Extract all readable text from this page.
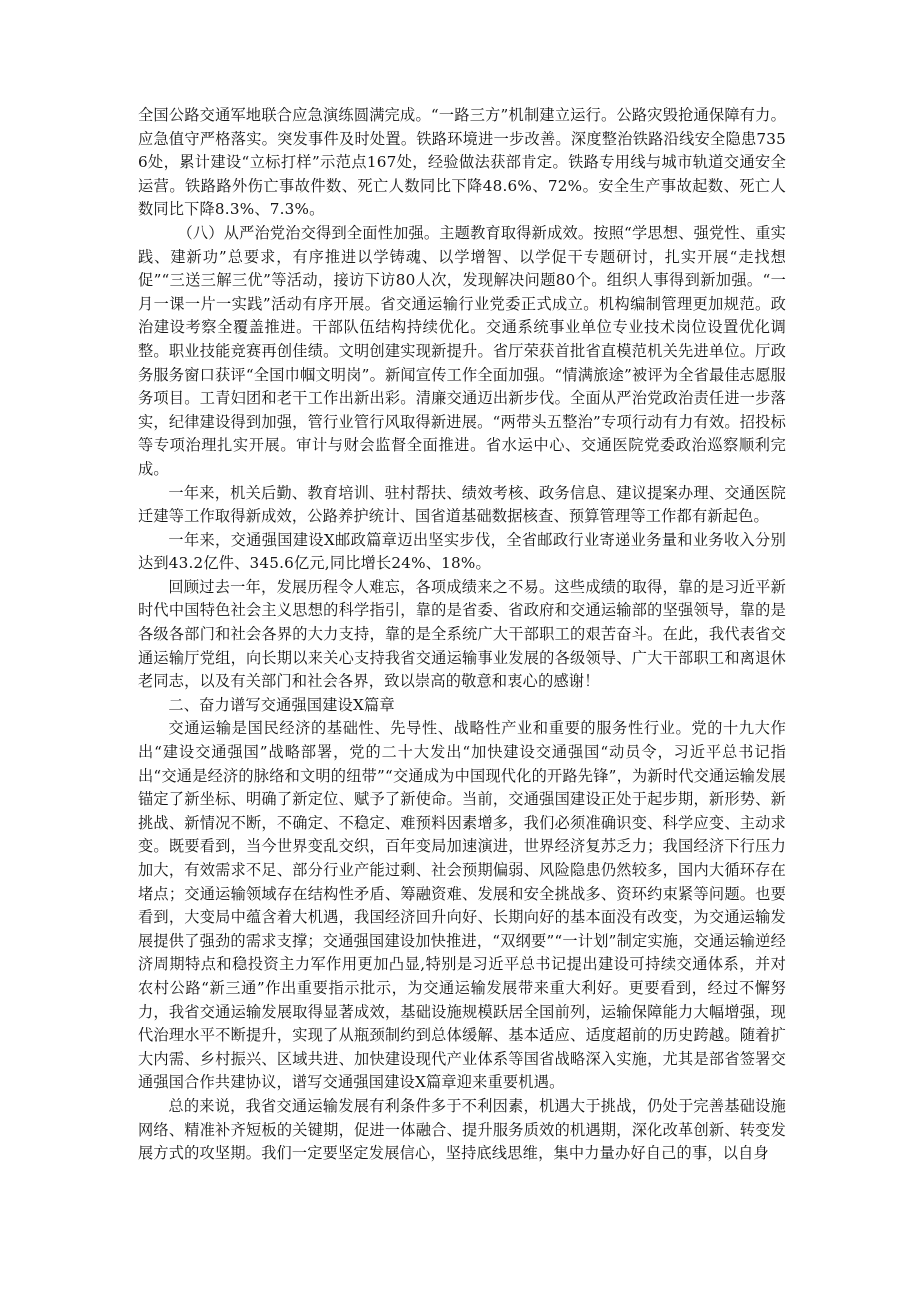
全国公路交通军地联合应急演练圆满完成。“一路三方”机制建立运行。公路灾毁抢通保障有力。应急值守严格落实。突发事件及时处置。铁路环境进一步改善。深度整治铁路沿线安全隐患7356处，累计建设“立标打样”示范点167处，经验做法获部肯定。铁路专用线与城市轨道交通安全运营。铁路路外伤亡事故件数、死亡人数同比下降48.6%、72%。安全生产事故起数、死亡人数同比下降8.3%、7.3%。

（八）从严治党治交得到全面性加强。主题教育取得新成效。按照“学思想、强党性、重实践、建新功”总要求，有序推进以学铸魂、以学增智、以学促干专题研讨，扎实开展“走找想促”“三送三解三优”等活动，接访下访80人次，发现解决问题80个。组织人事得到新加强。“一月一课一片一实践”活动有序开展。省交通运输行业党委正式成立。机构编制管理更加规范。政治建设考察全覆盖推进。干部队伍结构持续优化。交通系统事业单位专业技术岗位设置优化调整。职业技能竞赛再创佳绩。文明创建实现新提升。省厅荣获首批省直模范机关先进单位。厅政务服务窗口获评“全国巾帼文明岗”。新闻宣传工作全面加强。“情满旅途”被评为全省最佳志愿服务项目。工青妇团和老干工作出新出彩。清廉交通迈出新步伐。全面从严治党政治责任进一步落实，纪律建设得到加强，管行业管行风取得新进展。“两带头五整治”专项行动有力有效。招投标等专项治理扎实开展。审计与财会监督全面推进。省水运中心、交通医院党委政治巡察顺利完成。

一年来，机关后勤、教育培训、驻村帮扶、绩效考核、政务信息、建议提案办理、交通医院迁建等工作取得新成效，公路养护统计、国省道基础数据核查、预算管理等工作都有新起色。

一年来，交通强国建设X邮政篇章迈出坚实步伐，全省邮政行业寄递业务量和业务收入分别达到43.2亿件、345.6亿元,同比增长24%、18%。

回顾过去一年，发展历程令人难忘，各项成绩来之不易。这些成绩的取得，靠的是习近平新时代中国特色社会主义思想的科学指引，靠的是省委、省政府和交通运输部的坚强领导，靠的是各级各部门和社会各界的大力支持，靠的是全系统广大干部职工的艰苦奋斗。在此，我代表省交通运输厅党组，向长期以来关心支持我省交通运输事业发展的各级领导、广大干部职工和离退休老同志，以及有关部门和社会各界，致以崇高的敬意和衷心的感谢！

二、奋力谱写交通强国建设X篇章

交通运输是国民经济的基础性、先导性、战略性产业和重要的服务性行业。党的十九大作出“建设交通强国”战略部署，党的二十大发出“加快建设交通强国“动员令，习近平总书记指出“交通是经济的脉络和文明的纽带”“交通成为中国现代化的开路先锋”，为新时代交通运输发展锚定了新坐标、明确了新定位、赋予了新使命。当前，交通强国建设正处于起步期，新形势、新挑战、新情况不断，不确定、不稳定、难预料因素增多，我们必须准确识变、科学应变、主动求变。既要看到，当今世界变乱交织，百年变局加速演进，世界经济复苏乏力；我国经济下行压力加大，有效需求不足、部分行业产能过剩、社会预期偏弱、风险隐患仍然较多，国内大循环存在堵点；交通运输领域存在结构性矛盾、筹融资难、发展和安全挑战多、资环约束紧等问题。也要看到，大变局中蕴含着大机遇，我国经济回升向好、长期向好的基本面没有改变，为交通运输发展提供了强劲的需求支撑；交通强国建设加快推进，“双纲要”“一计划”制定实施，交通运输逆经济周期特点和稳投资主力军作用更加凸显,特别是习近平总书记提出建设可持续交通体系，并对农村公路“新三通”作出重要指示批示，为交通运输发展带来重大利好。更要看到，经过不懈努力，我省交通运输发展取得显著成效，基础设施规模跃居全国前列，运输保障能力大幅增强，现代治理水平不断提升，实现了从瓶颈制约到总体缓解、基本适应、适度超前的历史跨越。随着扩大内需、乡村振兴、区域共进、加快建设现代产业体系等国省战略深入实施，尤其是部省签署交通强国合作共建协议，谱写交通强国建设X篇章迎来重要机遇。

总的来说，我省交通运输发展有利条件多于不利因素，机遇大于挑战，仍处于完善基础设施网络、精准补齐短板的关键期，促进一体融合、提升服务质效的机遇期，深化改革创新、转变发展方式的攻坚期。我们一定要坚定发展信心，坚持底线思维，集中力量办好自己的事，以自身
